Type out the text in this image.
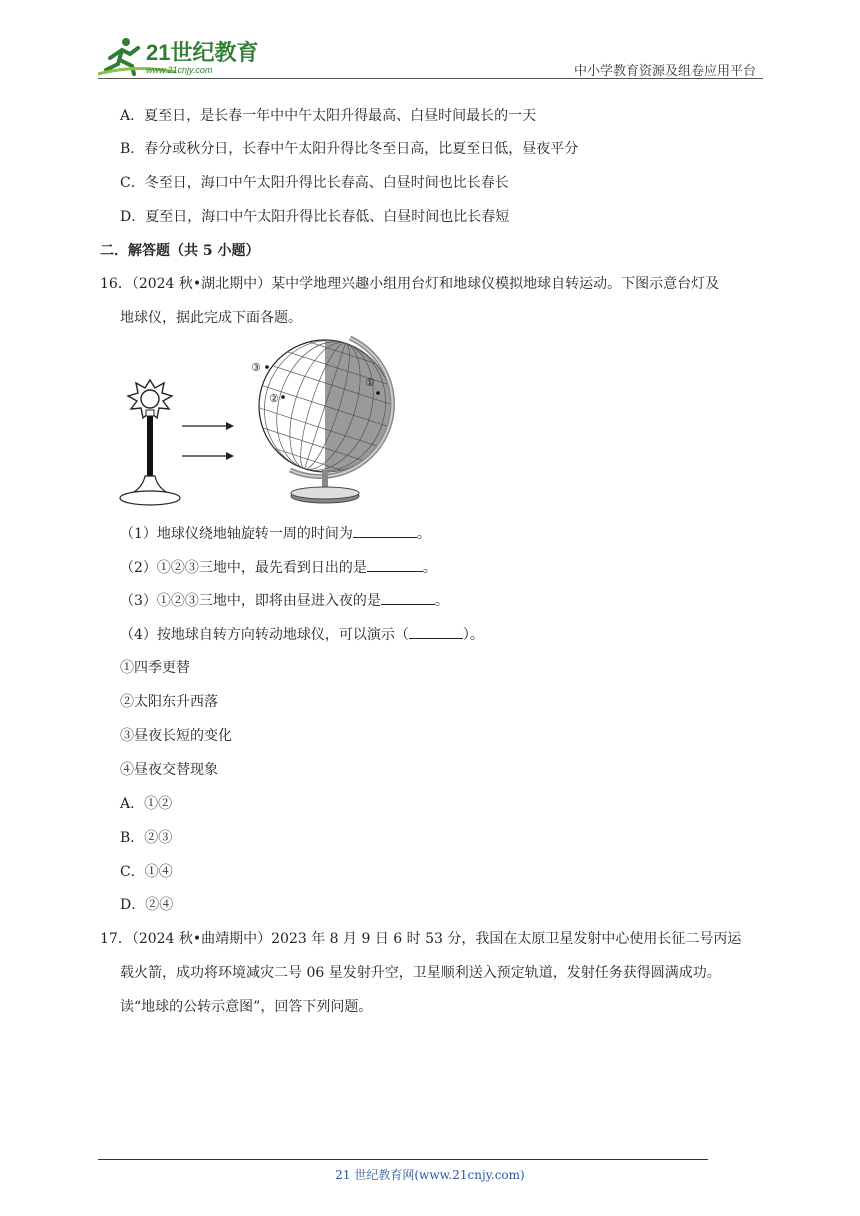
21世纪教育
www.21cnjy.com	中小学教育资源及组卷应用平台
A．夏至日，是长春一年中中午太阳升得最高、白昼时间最长的一天
B．春分或秋分日，长春中午太阳升得比冬至日高，比夏至日低，昼夜平分
C．冬至日，海口中午太阳升得比长春高、白昼时间也比长春长
D．夏至日，海口中午太阳升得比长春低、白昼时间也比长春短
二．解答题（共 5 小题）
16．（2024 秋•湖北期中）某中学地理兴趣小组用台灯和地球仪模拟地球自转运动。下图示意台灯及
地球仪，据此完成下面各题。
③
②
①
（1）地球仪绕地轴旋转一周的时间为	。
（2）①②③三地中，最先看到日出的是	。
（3）①②③三地中，即将由昼进入夜的是	。
（4）按地球自转方向转动地球仪，可以演示（	）。
①四季更替
②太阳东升西落
③昼夜长短的变化
④昼夜交替现象
A．①②
B．②③
C．①④
D．②④
17．（2024 秋•曲靖期中）2023 年 8 月 9 日 6 时 53 分，我国在太原卫星发射中心使用长征二号丙运
载火箭，成功将环境减灾二号 06 星发射升空，卫星顺利送入预定轨道，发射任务获得圆满成功。
读“地球的公转示意图”，回答下列问题。
21 世纪教育网(www.21cnjy.com)
